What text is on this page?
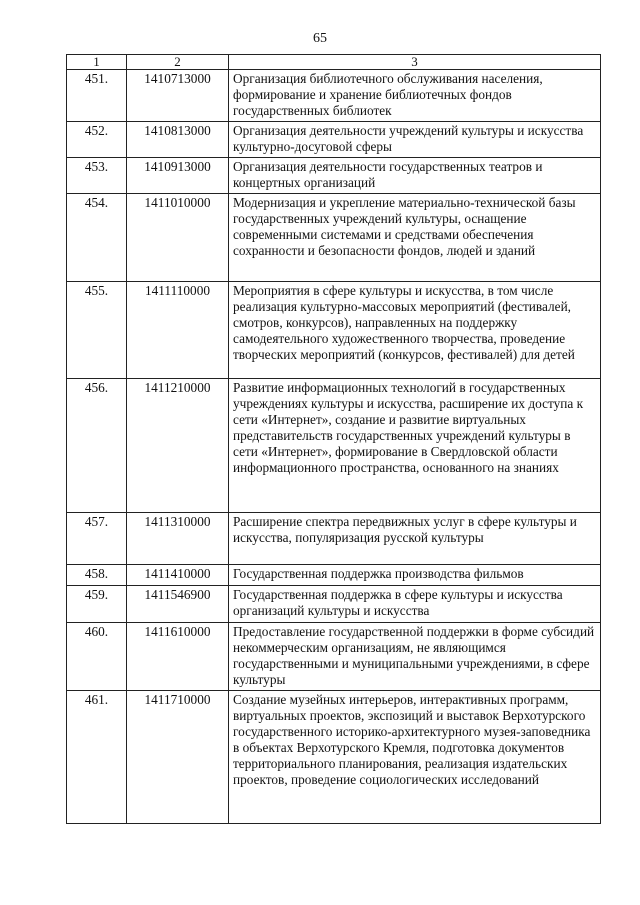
65
1	2	3
451.	1410713000	Организация библиотечного обслуживания населения, формирование и хранение библиотечных фондов государственных библиотек
452.	1410813000	Организация деятельности учреждений культуры и искусства культурно-досуговой сферы
453.	1410913000	Организация деятельности государственных театров и концертных организаций
454.	1411010000	Модернизация и укрепление материально-технической базы государственных учреждений культуры, оснащение современными системами и средствами обеспечения сохранности и безопасности фондов, людей и зданий
455.	1411110000	Мероприятия в сфере культуры и искусства, в том числе реализация культурно-массовых мероприятий (фестивалей, смотров, конкурсов), направленных на поддержку самодеятельного художественного творчества, проведение творческих мероприятий (конкурсов, фестивалей) для детей
456.	1411210000	Развитие информационных технологий в государственных учреждениях культуры и искусства, расширение их доступа к сети «Интернет», создание и развитие виртуальных представительств государственных учреждений культуры в сети «Интернет», формирование в Свердловской области информационного пространства, основанного на знаниях
457.	1411310000	Расширение спектра передвижных услуг в сфере культуры и искусства, популяризация русской культуры
458.	1411410000	Государственная поддержка производства фильмов
459.	1411546900	Государственная поддержка в сфере культуры и искусства организаций культуры и искусства
460.	1411610000	Предоставление государственной поддержки в форме субсидий некоммерческим организациям, не являющимся государственными и муниципальными учреждениями, в сфере культуры
461.	1411710000	Создание музейных интерьеров, интерактивных программ, виртуальных проектов, экспозиций и выставок Верхотурского государственного историко-архитектурного музея-заповедника в объектах Верхотурского Кремля, подготовка документов территориального планирования, реализация издательских проектов, проведение социологических исследований
